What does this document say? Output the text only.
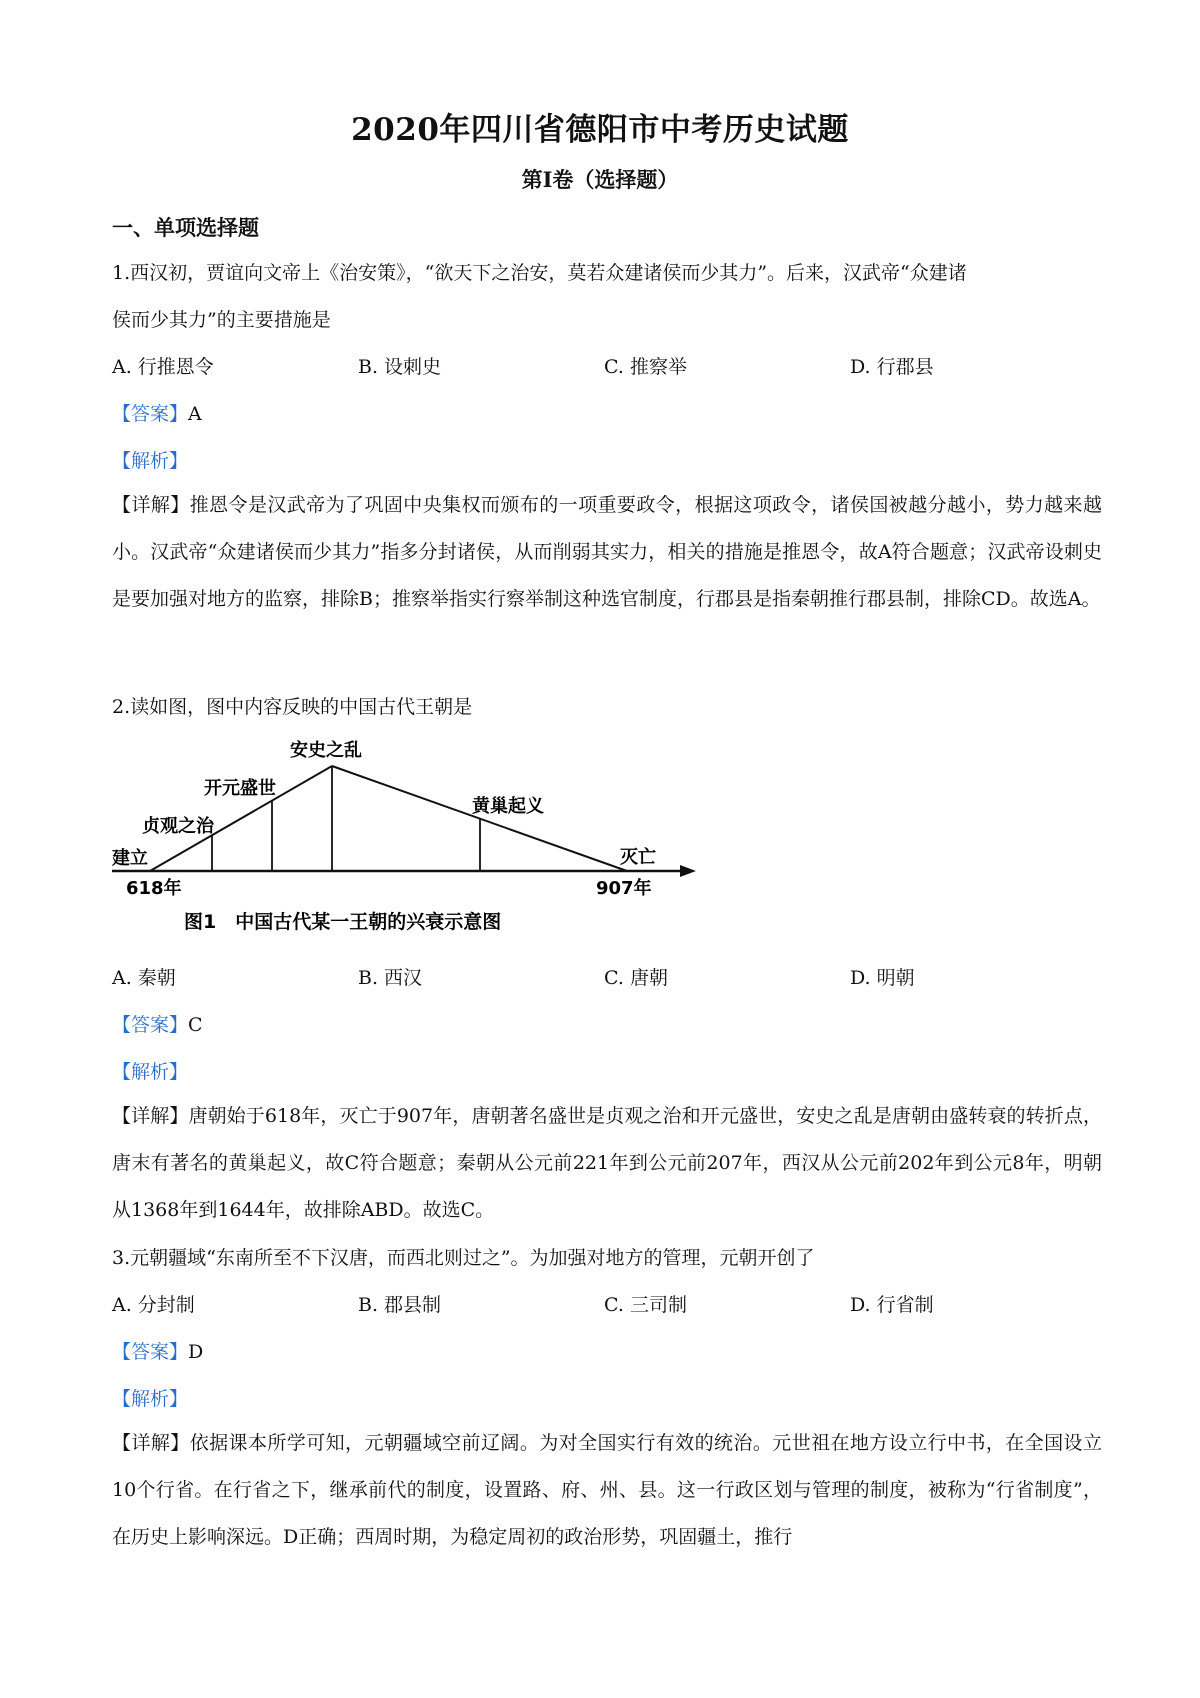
2020年四川省德阳市中考历史试题
第I卷（选择题）
一、单项选择题
1.西汉初，贾谊向文帝上《治安策》，“欲天下之治安，莫若众建诸侯而少其力”。后来，汉武帝“众建诸
侯而少其力”的主要措施是
A. 行推恩令	B. 设刺史	C. 推察举	D. 行郡县
【答案】A
【解析】
【详解】推恩令是汉武帝为了巩固中央集权而颁布的一项重要政令，根据这项政令，诸侯国被越分越小，势力越来越小。汉武帝“众建诸侯而少其力”指多分封诸侯，从而削弱其实力，相关的措施是推恩令，故A符合题意；汉武帝设刺史是要加强对地方的监察，排除B；推察举指实行察举制这种选官制度，行郡县是指秦朝推行郡县制，排除CD。故选A。
2.读如图，图中内容反映的中国古代王朝是
建立
618年
贞观之治
开元盛世
安史之乱
黄巢起义
灭亡
907年
图1　中国古代某一王朝的兴衰示意图
A. 秦朝	B. 西汉	C. 唐朝	D. 明朝
【答案】C
【解析】
【详解】唐朝始于618年，灭亡于907年，唐朝著名盛世是贞观之治和开元盛世，安史之乱是唐朝由盛转衰的转折点，唐末有著名的黄巢起义，故C符合题意；秦朝从公元前221年到公元前207年，西汉从公元前202年到公元8年，明朝从1368年到1644年，故排除ABD。故选C。
3.元朝疆域“东南所至不下汉唐，而西北则过之”。为加强对地方的管理，元朝开创了
A. 分封制	B. 郡县制	C. 三司制	D. 行省制
【答案】D
【解析】
【详解】依据课本所学可知，元朝疆域空前辽阔。为对全国实行有效的统治。元世祖在地方设立行中书，在全国设立10个行省。在行省之下，继承前代的制度，设置路、府、州、县。这一行政区划与管理的制度，被称为“行省制度”，在历史上影响深远。D正确；西周时期，为稳定周初的政治形势，巩固疆土，推行
